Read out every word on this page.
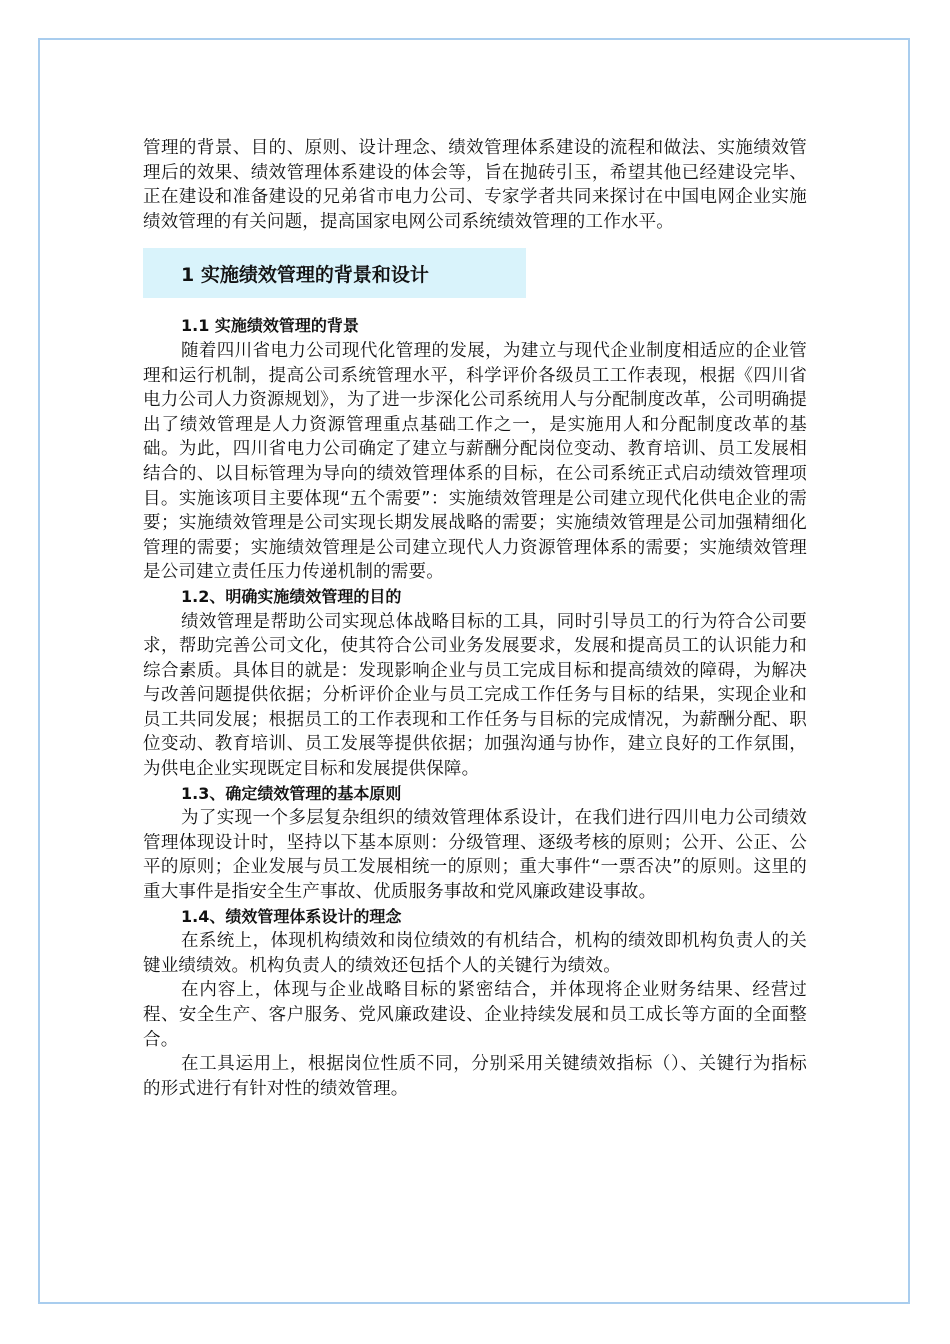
管理的背景、目的、原则、设计理念、绩效管理体系建设的流程和做法、实施绩效管理后的效果、绩效管理体系建设的体会等，旨在抛砖引玉，希望其他已经建设完毕、正在建设和准备建设的兄弟省市电力公司、专家学者共同来探讨在中国电网企业实施绩效管理的有关问题，提高国家电网公司系统绩效管理的工作水平。

1 实施绩效管理的背景和设计
1.1 实施绩效管理的背景

随着四川省电力公司现代化管理的发展，为建立与现代企业制度相适应的企业管理和运行机制，提高公司系统管理水平，科学评价各级员工工作表现，根据《四川省电力公司人力资源规划》，为了进一步深化公司系统用人与分配制度改革，公司明确提出了绩效管理是人力资源管理重点基础工作之一，是实施用人和分配制度改革的基础。为此，四川省电力公司确定了建立与薪酬分配岗位变动、教育培训、员工发展相结合的、以目标管理为导向的绩效管理体系的目标，在公司系统正式启动绩效管理项目。实施该项目主要体现“五个需要”：实施绩效管理是公司建立现代化供电企业的需要；实施绩效管理是公司实现长期发展战略的需要；实施绩效管理是公司加强精细化管理的需要；实施绩效管理是公司建立现代人力资源管理体系的需要；实施绩效管理是公司建立责任压力传递机制的需要。

1.2、明确实施绩效管理的目的

绩效管理是帮助公司实现总体战略目标的工具，同时引导员工的行为符合公司要求，帮助完善公司文化，使其符合公司业务发展要求，发展和提高员工的认识能力和综合素质。具体目的就是：发现影响企业与员工完成目标和提高绩效的障碍，为解决与改善问题提供依据；分析评价企业与员工完成工作任务与目标的结果，实现企业和员工共同发展；根据员工的工作表现和工作任务与目标的完成情况，为薪酬分配、职位变动、教育培训、员工发展等提供依据；加强沟通与协作，建立良好的工作氛围，为供电企业实现既定目标和发展提供保障。

1.3、确定绩效管理的基本原则

为了实现一个多层复杂组织的绩效管理体系设计，在我们进行四川电力公司绩效管理体现设计时，坚持以下基本原则：分级管理、逐级考核的原则；公开、公正、公平的原则；企业发展与员工发展相统一的原则；重大事件“一票否决”的原则。这里的重大事件是指安全生产事故、优质服务事故和党风廉政建设事故。

1.4、绩效管理体系设计的理念

在系统上，体现机构绩效和岗位绩效的有机结合，机构的绩效即机构负责人的关键业绩绩效。机构负责人的绩效还包括个人的关键行为绩效。

在内容上，体现与企业战略目标的紧密结合，并体现将企业财务结果、经营过程、安全生产、客户服务、党风廉政建设、企业持续发展和员工成长等方面的全面整合。

在工具运用上，根据岗位性质不同，分别采用关键绩效指标（）、关键行为指标的形式进行有针对性的绩效管理。
